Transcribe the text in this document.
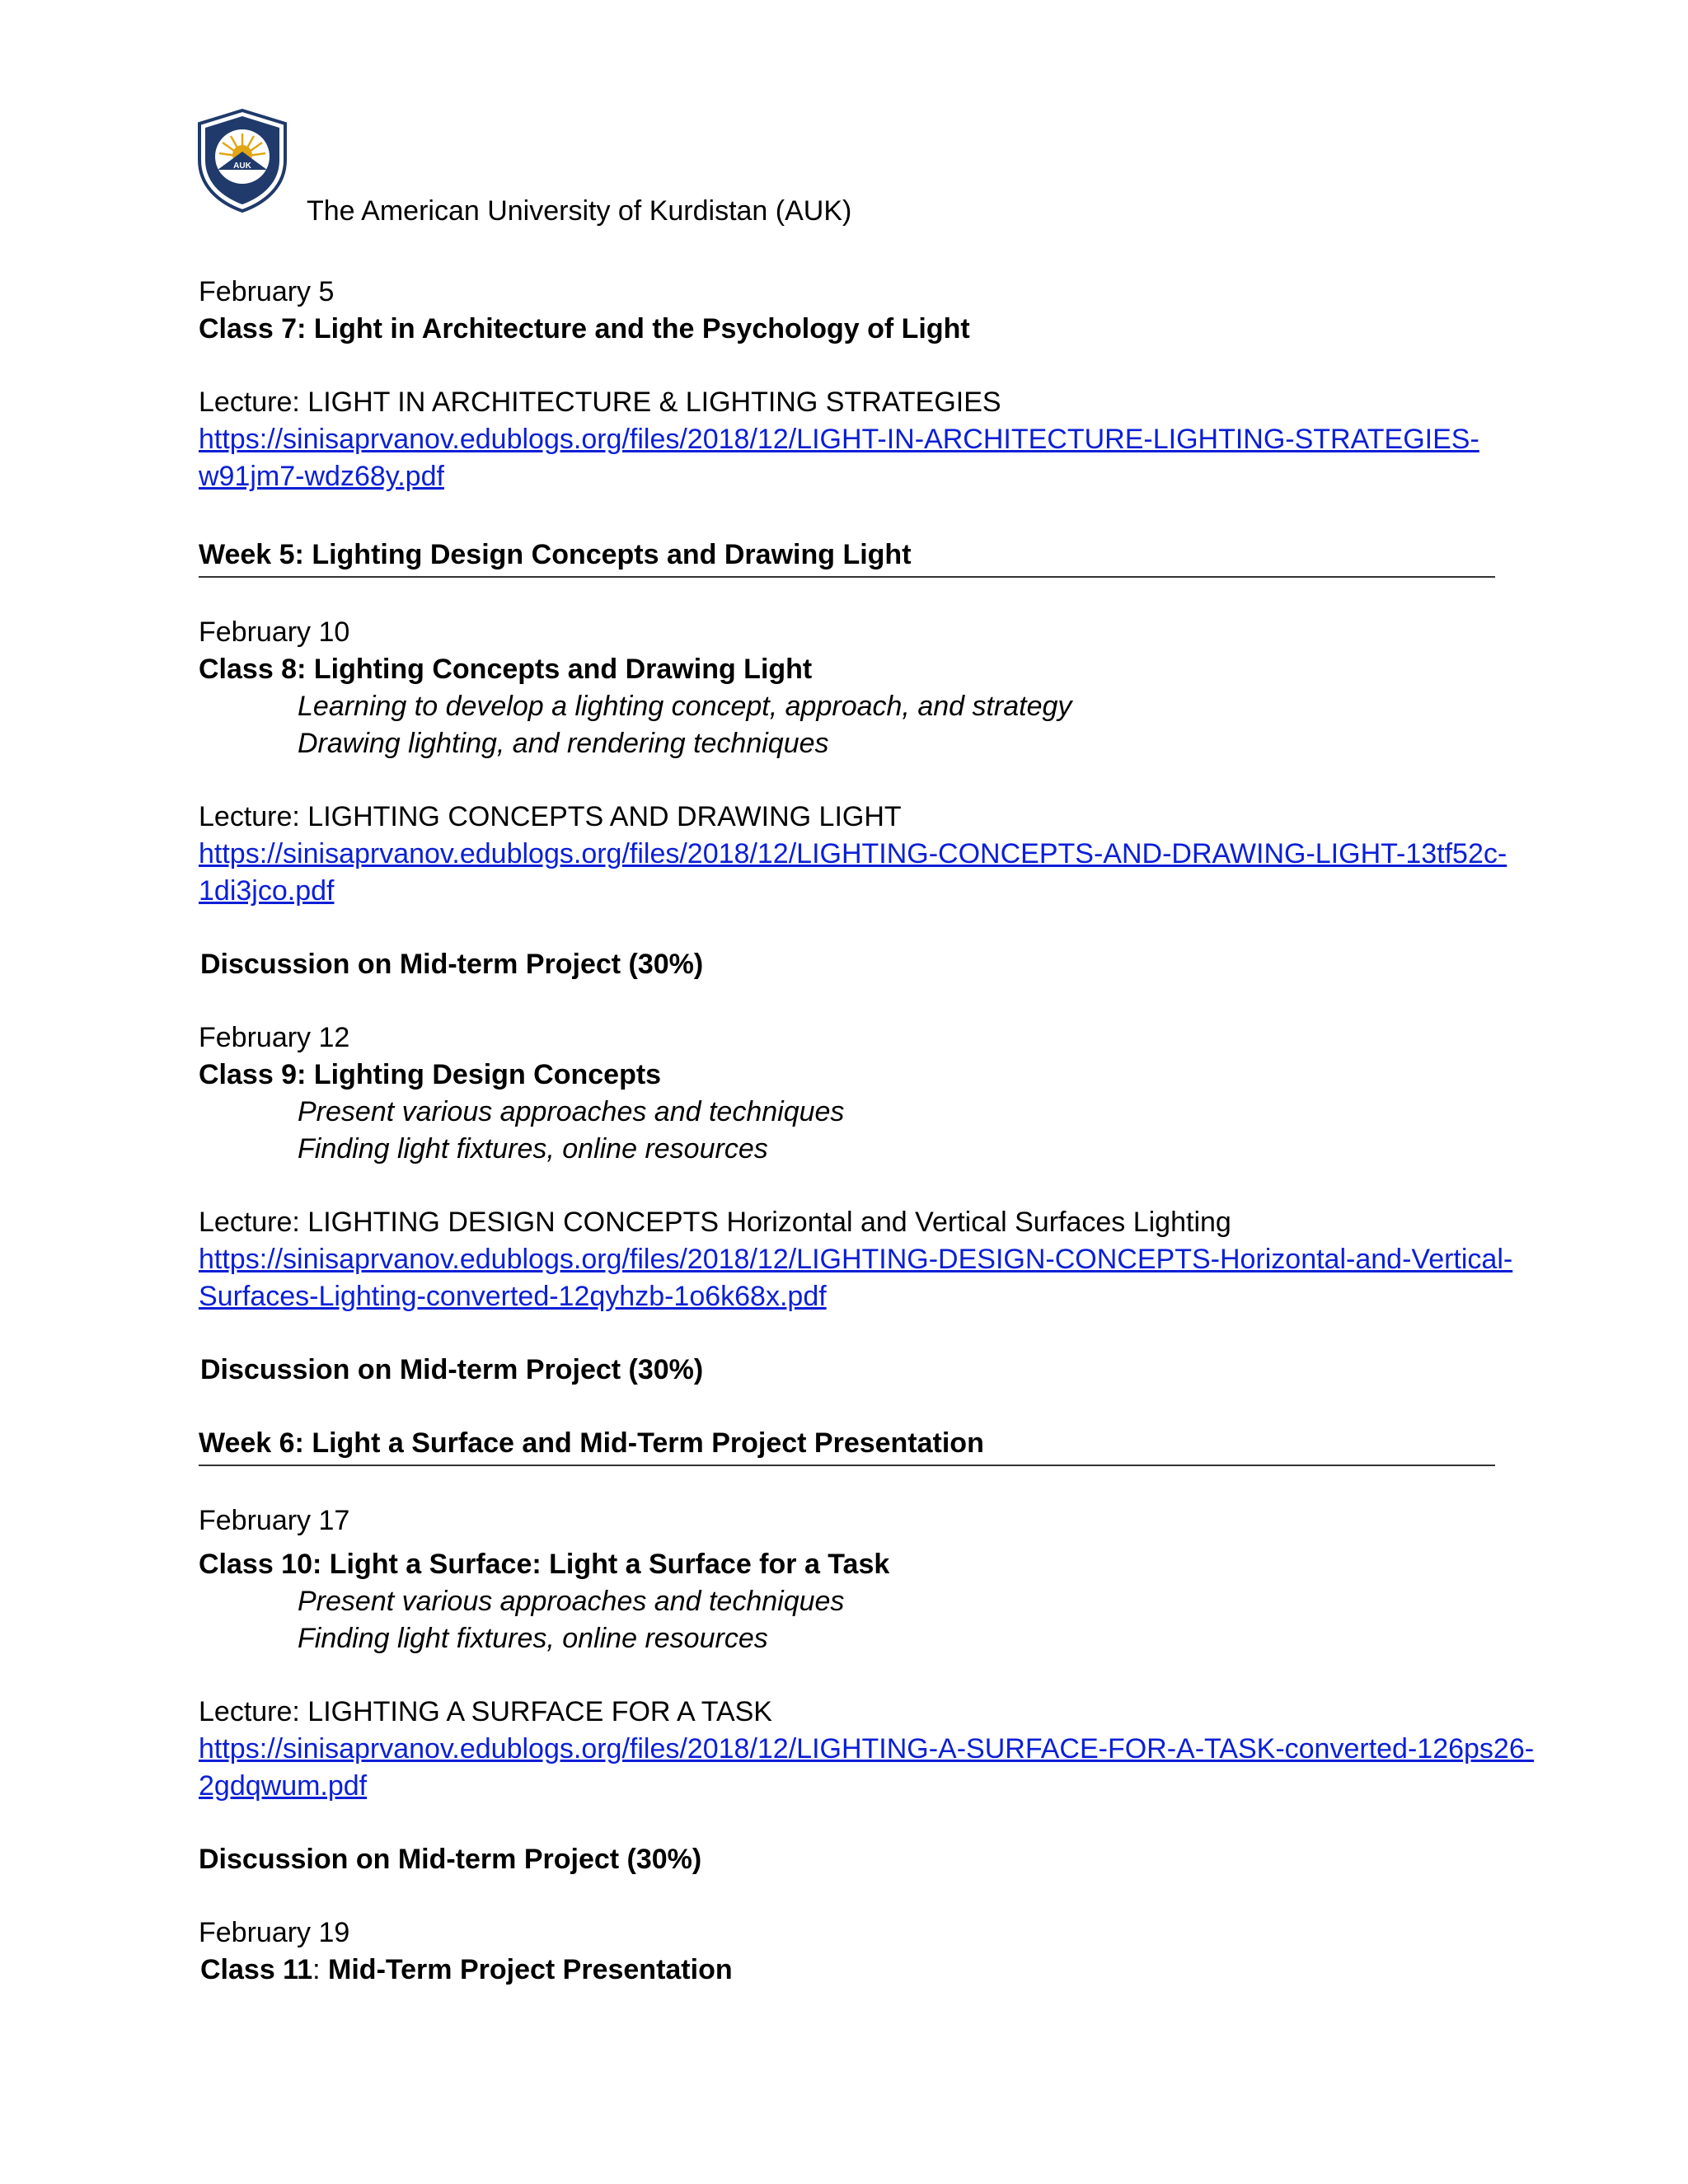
AUK
The American University of Kurdistan (AUK)
February 5
Class 7: Light in Architecture and the Psychology of Light
Lecture: LIGHT IN ARCHITECTURE & LIGHTING STRATEGIES
https://sinisaprvanov.edublogs.org/files/2018/12/LIGHT-IN-ARCHITECTURE-LIGHTING-STRATEGIES-
w91jm7-wdz68y.pdf
Week 5: Lighting Design Concepts and Drawing Light
February 10
Class 8: Lighting Concepts and Drawing Light
Learning to develop a lighting concept, approach, and strategy
Drawing lighting, and rendering techniques
Lecture: LIGHTING CONCEPTS AND DRAWING LIGHT
https://sinisaprvanov.edublogs.org/files/2018/12/LIGHTING-CONCEPTS-AND-DRAWING-LIGHT-13tf52c-
1di3jco.pdf
Discussion on Mid-term Project (30%)
February 12
Class 9: Lighting Design Concepts
Present various approaches and techniques
Finding light fixtures, online resources
Lecture: LIGHTING DESIGN CONCEPTS Horizontal and Vertical Surfaces Lighting
https://sinisaprvanov.edublogs.org/files/2018/12/LIGHTING-DESIGN-CONCEPTS-Horizontal-and-Vertical-
Surfaces-Lighting-converted-12qyhzb-1o6k68x.pdf
Discussion on Mid-term Project (30%)
Week 6: Light a Surface and Mid-Term Project Presentation
February 17
Class 10: Light a Surface: Light a Surface for a Task
Present various approaches and techniques
Finding light fixtures, online resources
Lecture: LIGHTING A SURFACE FOR A TASK
https://sinisaprvanov.edublogs.org/files/2018/12/LIGHTING-A-SURFACE-FOR-A-TASK-converted-126ps26-
2gdqwum.pdf
Discussion on Mid-term Project (30%)
February 19
Class 11: Mid-Term Project Presentation
